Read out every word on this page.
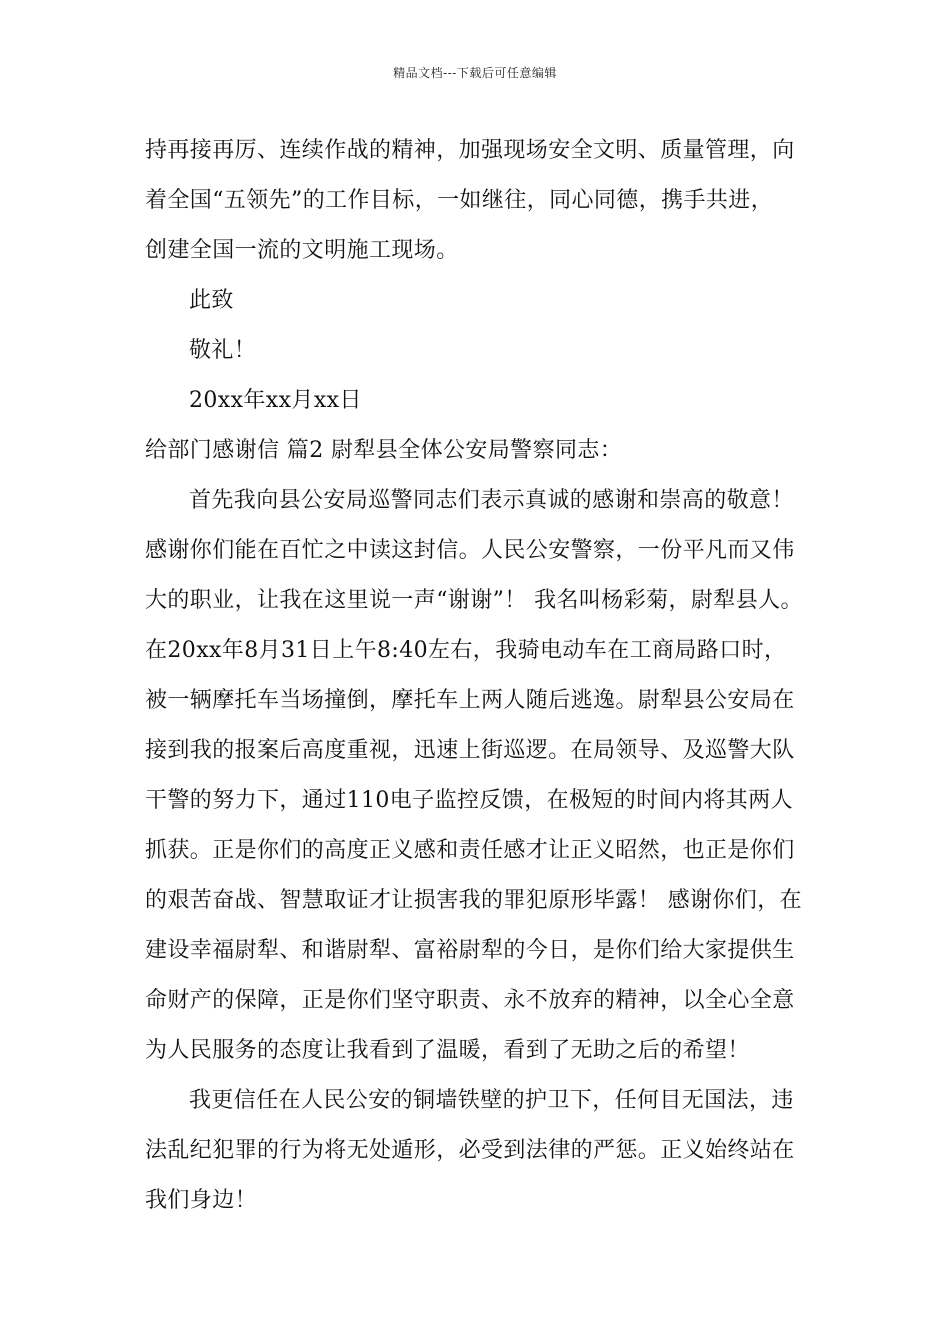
精品文档---下载后可任意编辑
持再接再厉、连续作战的精神，加强现场安全文明、质量管理，向
着全国“五领先”的工作目标，一如继往，同心同德，携手共进，
创建全国一流的文明施工现场。
此致
敬礼！
20xx年xx月xx日
给部门感谢信 篇2 尉犁县全体公安局警察同志：
首先我向县公安局巡警同志们表示真诚的感谢和崇高的敬意！
感谢你们能在百忙之中读这封信。人民公安警察，一份平凡而又伟
大的职业，让我在这里说一声“谢谢”！ 我名叫杨彩菊，尉犁县人。
在20xx年8月31日上午8:40左右，我骑电动车在工商局路口时，
被一辆摩托车当场撞倒，摩托车上两人随后逃逸。尉犁县公安局在
接到我的报案后高度重视，迅速上街巡逻。在局领导、及巡警大队
干警的努力下，通过110电子监控反馈，在极短的时间内将其两人
抓获。正是你们的高度正义感和责任感才让正义昭然，也正是你们
的艰苦奋战、智慧取证才让损害我的罪犯原形毕露！ 感谢你们，在
建设幸福尉犁、和谐尉犁、富裕尉犁的今日，是你们给大家提供生
命财产的保障，正是你们坚守职责、永不放弃的精神，以全心全意
为人民服务的态度让我看到了温暖，看到了无助之后的希望！
我更信任在人民公安的铜墙铁壁的护卫下，任何目无国法，违
法乱纪犯罪的行为将无处遁形，必受到法律的严惩。正义始终站在
我们身边！
